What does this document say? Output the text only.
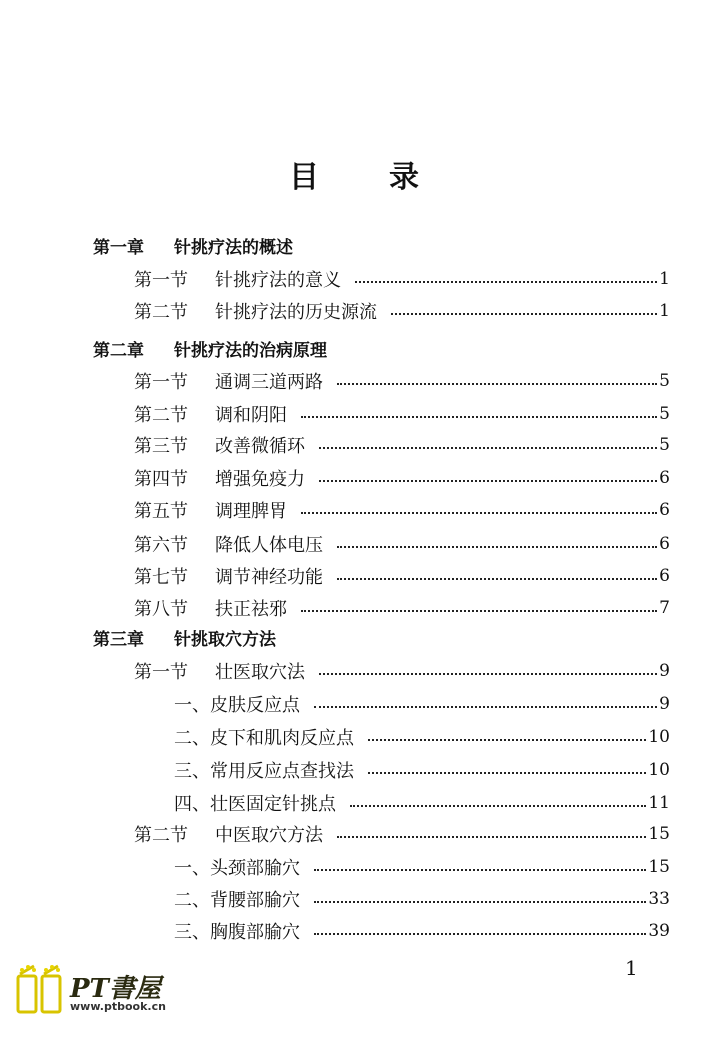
目 录
第一章 针挑疗法的概述
第一节 针挑疗法的意义	1
第二节 针挑疗法的历史源流	1
第二章 针挑疗法的治病原理
第一节 通调三道两路	5
第二节 调和阴阳	5
第三节 改善微循环	5
第四节 增强免疫力	6
第五节 调理脾胃	6
第六节 降低人体电压	6
第七节 调节神经功能	6
第八节 扶正祛邪	7
第三章 针挑取穴方法
第一节 壮医取穴法	9
一、皮肤反应点	9
二、皮下和肌肉反应点	10
三、常用反应点查找法	10
四、壮医固定针挑点	11
第二节 中医取穴方法	15
一、头颈部腧穴	15
二、背腰部腧穴	33
三、胸腹部腧穴	39
1
PT書屋
www.ptbook.cn
